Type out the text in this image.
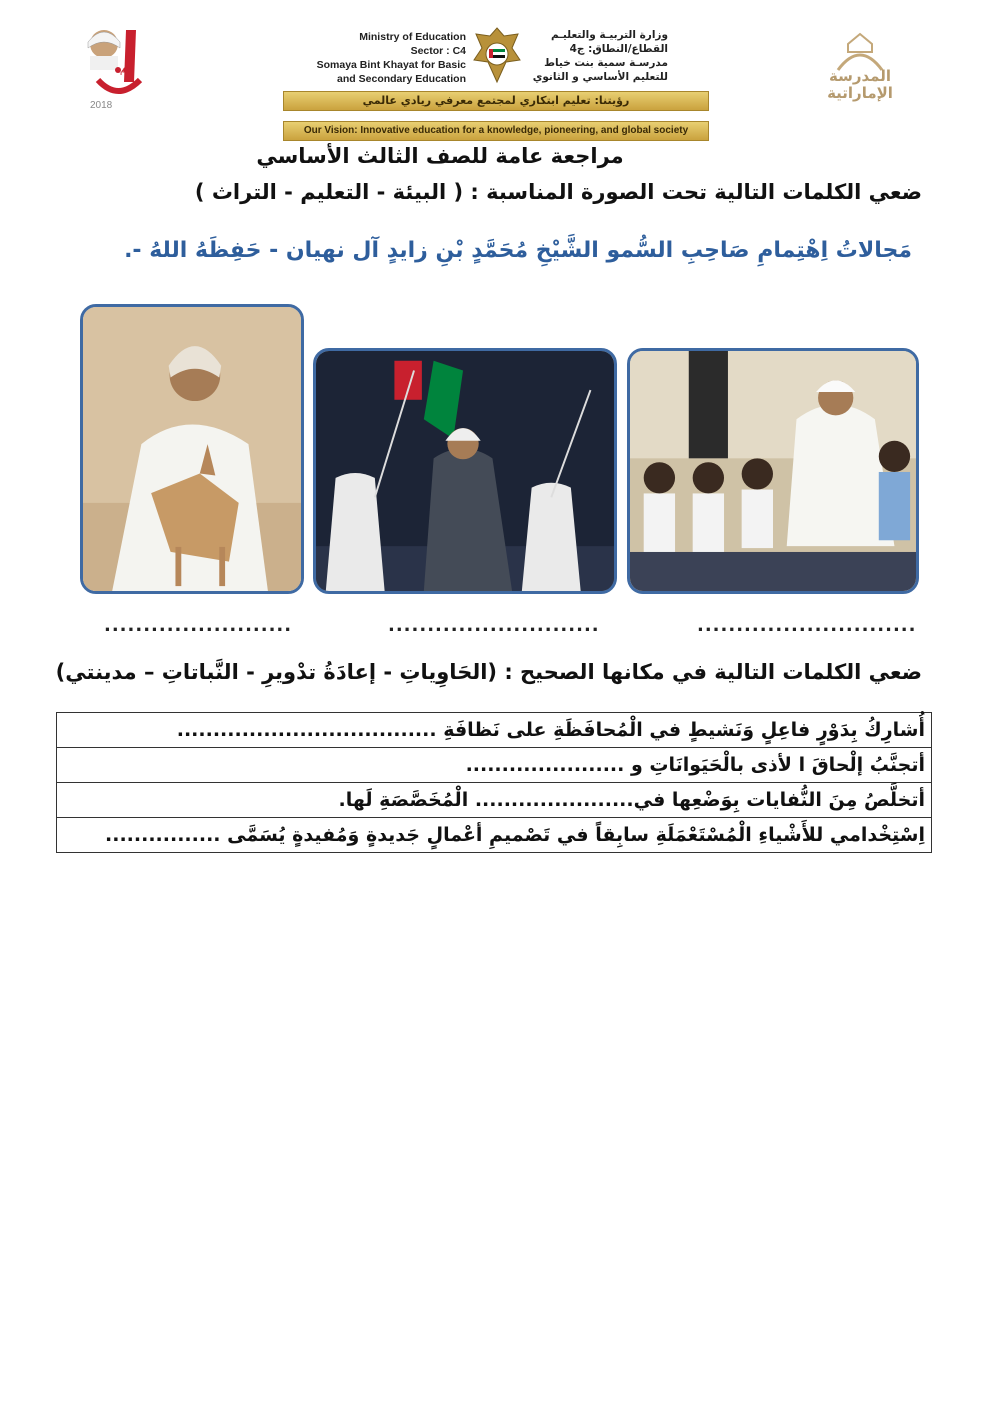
عام
2018
Ministry of Education
Sector : C4
Somaya Bint Khayat for Basic
and Secondary Education
وزارة التربيـة والتعليـم
القطاع/النطاق: ج4
مدرسـة سمية بنت خياط
للتعليم الأساسي و الثانوي	المدرسة
الإماراتية
رؤيتنا: تعليم ابتكاري لمجتمع معرفي ريادي عالمي
Our Vision: Innovative education for a knowledge, pioneering, and global society
مراجعة عامة للصف الثالث الأساسي
ضعي الكلمات التالية تحت الصورة المناسبة : ( البيئة - التعليم - التراث )
مَجالاتُ اِهْتِمامِ صَاحِبِ السُّمو الشَّيْخِ مُحَمَّدٍ بْنِ زايدٍ آل نهيان - حَفِظَهُ اللهُ -.
........................	...........................	............................
ضعي الكلمات التالية في مكانها الصحيح : (الحَاوِياتِ - إعادَةُ تدْويرِ - النَّباتاتِ – مدينتي)
أُشارِكُ بِدَوْرٍ فاعِلٍ وَنَشيطٍ في الْمُحافَظَةِ على نَظافَةِ ....................................
أتجنَّبُ إلْحاقَ ا لأذى بالْحَيَوانَاتِ و ......................
أتخلَّصُ مِنَ النُّفايات بِوَضْعِها في...................... الْمُخَصَّصَةِ لَها.
اِسْتِخْدامي للأَشْياءِ الْمُسْتَعْمَلَةِ سابِقاً في تَصْميمِ أعْمالٍ جَديدةٍ وَمُفيدةٍ يُسَمَّى ................
